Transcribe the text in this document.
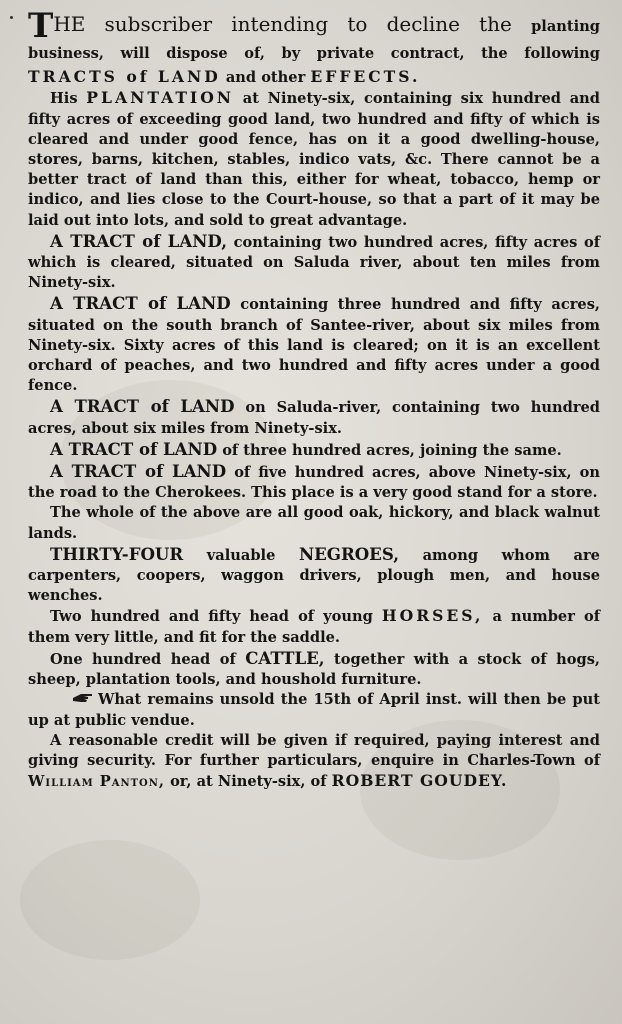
THE subscriber intending to decline the planting business, will dispose of, by private contract, the following TRACTS of LAND and other EFFECTS.

His PLANTATION at Ninety-six, containing six hundred and fifty acres of exceeding good land, two hundred and fifty of which is cleared and under good fence, has on it a good dwelling-house, stores, barns, kitchen, stables, indico vats, &c. There cannot be a better tract of land than this, either for wheat, tobacco, hemp or indico, and lies close to the Court-house, so that a part of it may be laid out into lots, and sold to great advantage.

A TRACT of LAND, containing two hundred acres, fifty acres of which is cleared, situated on Saluda river, about ten miles from Ninety-six.

A TRACT of LAND containing three hundred and fifty acres, situated on the south branch of Santee-river, about six miles from Ninety-six. Sixty acres of this land is cleared; on it is an excellent orchard of peaches, and two hundred and fifty acres under a good fence.

A TRACT of LAND on Saluda-river, containing two hundred acres, about six miles from Ninety-six.

A TRACT of LAND of three hundred acres, joining the same.

A TRACT of LAND of five hundred acres, above Ninety-six, on the road to the Cherokees. This place is a very good stand for a store.

The whole of the above are all good oak, hickory, and black walnut lands.

THIRTY-FOUR valuable NEGROES, among whom are carpenters, coopers, waggon drivers, plough men, and house wenches.

Two hundred and fifty head of young HORSES, a number of them very little, and fit for the saddle.

One hundred head of CATTLE, together with a stock of hogs, sheep, plantation tools, and houshold furniture.

What remains unsold the 15th of April inst. will then be put up at public vendue.

A reasonable credit will be given if required, paying interest and giving security. For further particulars, enquire in Charles-Town of William Panton, or, at Ninety-six, of ROBERT GOUDEY.
